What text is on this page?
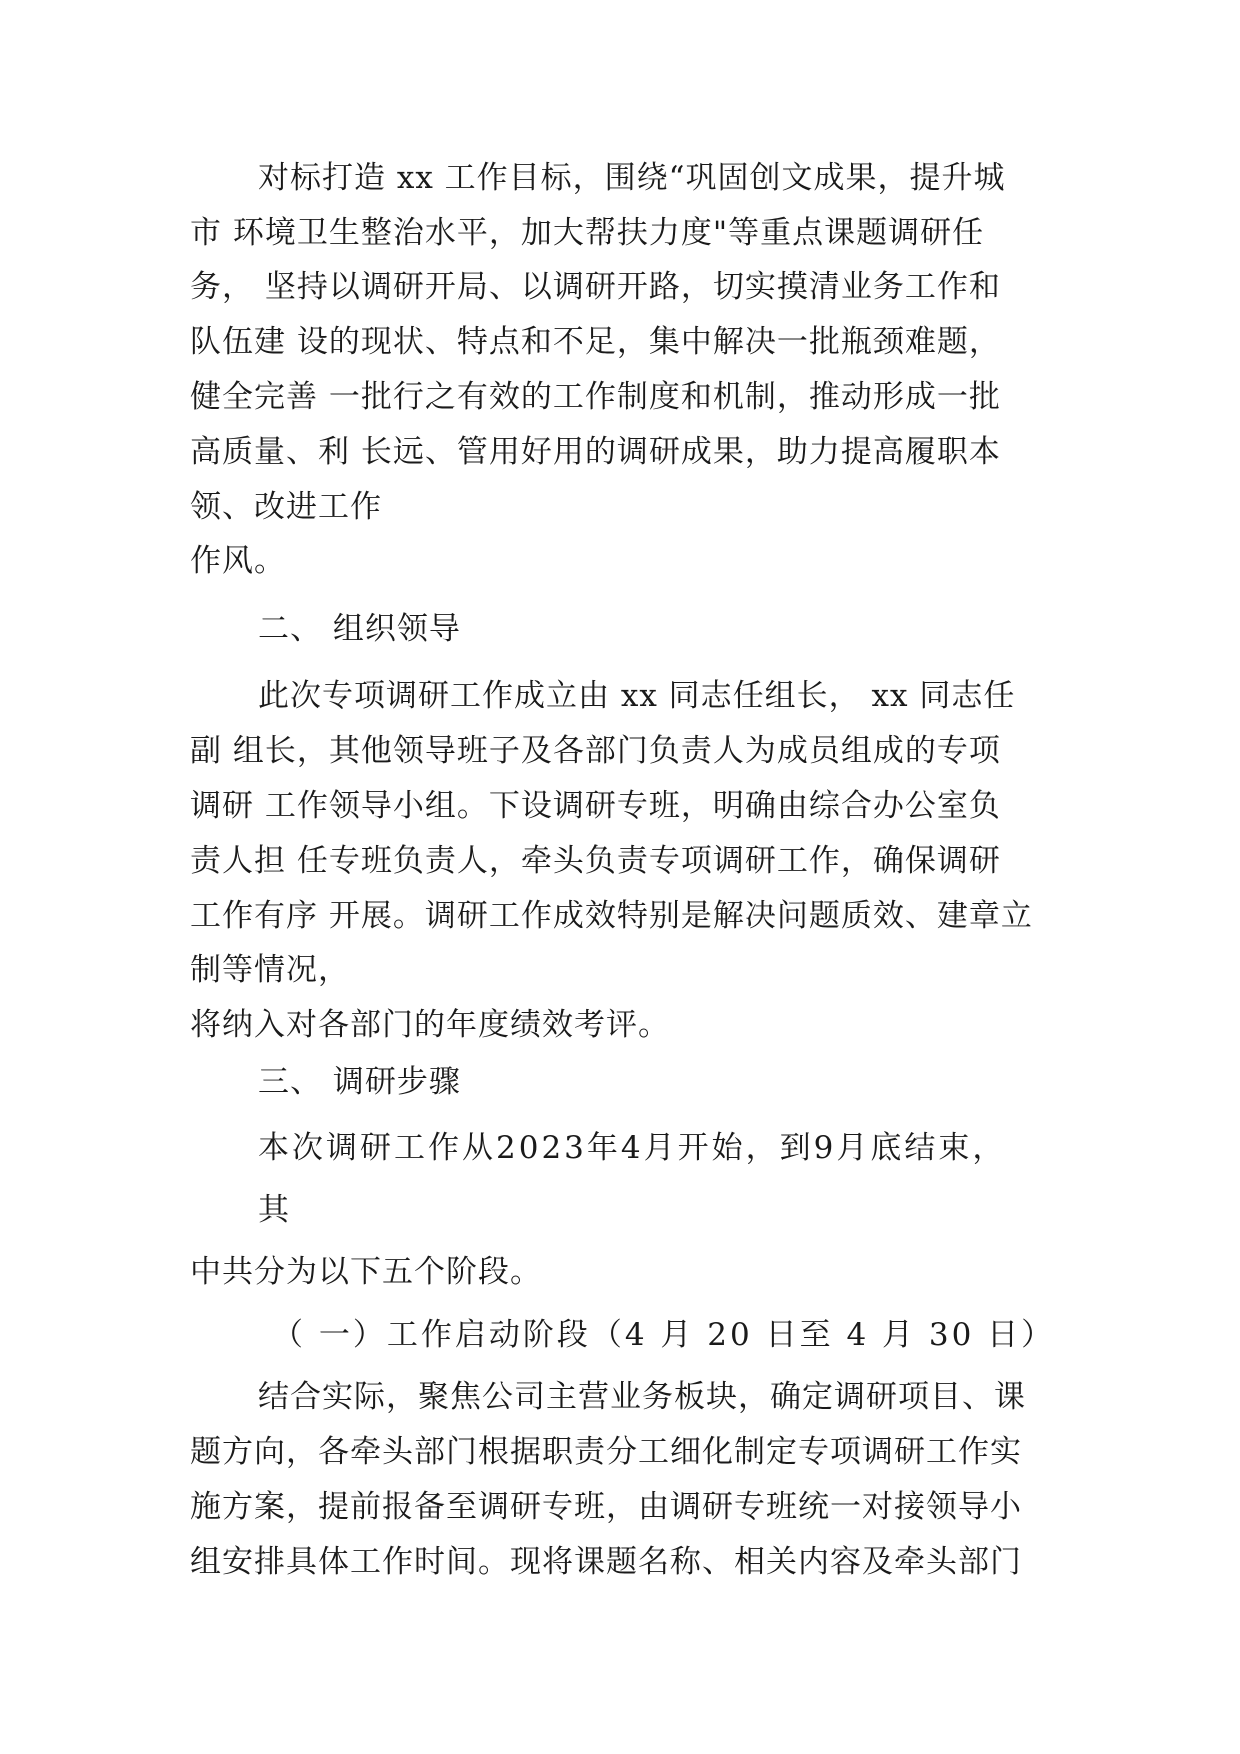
对标打造 xx 工作目标，围绕“巩固创文成果，提升城
市 环境卫生整治水平，加大帮扶力度"等重点课题调研任
务， 坚持以调研开局、以调研开路，切实摸清业务工作和
队伍建 设的现状、特点和不足，集中解决一批瓶颈难题，
健全完善 一批行之有效的工作制度和机制，推动形成一批
高质量、利 长远、管用好用的调研成果，助力提高履职本
领、改进工作
作风。
二、 组织领导
此次专项调研工作成立由 xx 同志任组长， xx 同志任
副 组长，其他领导班子及各部门负责人为成员组成的专项
调研 工作领导小组。下设调研专班，明确由综合办公室负
责人担 任专班负责人，牵头负责专项调研工作，确保调研
工作有序 开展。调研工作成效特别是解决问题质效、建章立
制等情况，
将纳入对各部门的年度绩效考评。
三、 调研步骤
本次调研工作从2023年4月开始，到9月底结束，
其
中共分为以下五个阶段。
（ 一）工作启动阶段（4 月 20 日至 4 月 30 日）
结合实际，聚焦公司主营业务板块，确定调研项目、课
题方向，各牵头部门根据职责分工细化制定专项调研工作实
施方案，提前报备至调研专班，由调研专班统一对接领导小
组安排具体工作时间。现将课题名称、相关内容及牵头部门
